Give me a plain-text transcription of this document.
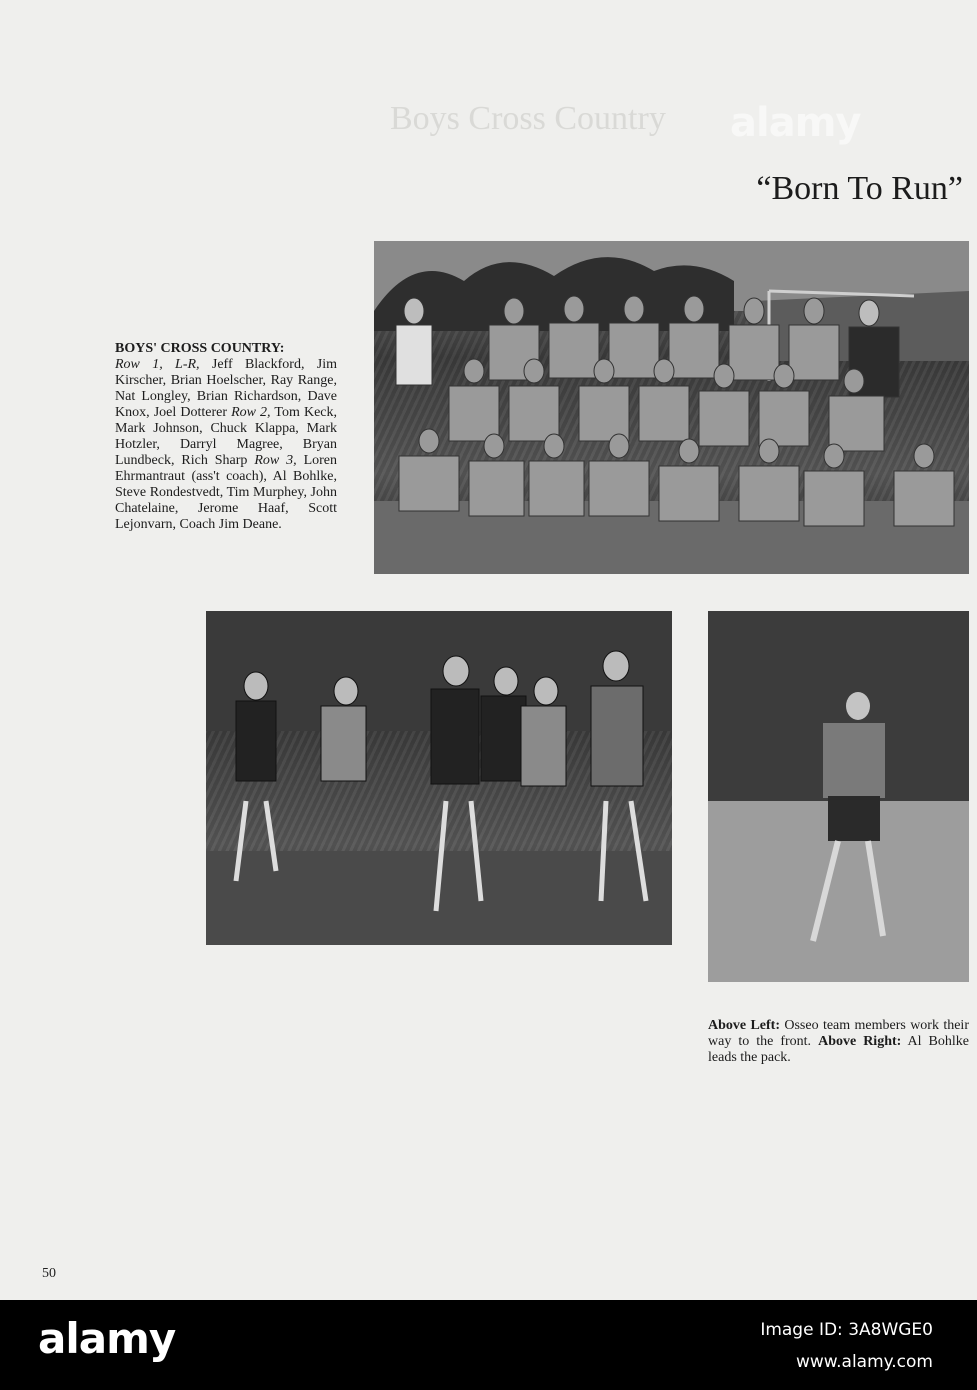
Boys Cross Country alamy
“Born To Run”
BOYS' CROSS COUNTRY:
Row 1, L-R, Jeff Blackford, Jim Kirscher, Brian Hoelscher, Ray Range, Nat Longley, Brian Richardson, Dave Knox, Joel Dotterer Row 2, Tom Keck, Mark Johnson, Chuck Klappa, Mark Hotzler, Darryl Magree, Bryan Lundbeck, Rich Sharp Row 3, Loren Ehrmantraut (ass't coach), Al Bohlke, Steve Rondestvedt, Tim Murphey, John Chatelaine, Jerome Haaf, Scott Lejonvarn, Coach Jim Deane.
Above Left: Osseo team members work their way to the front. Above Right: Al Bohlke leads the pack.
50
alamy	Image ID: 3A8WGE0
www.alamy.com
